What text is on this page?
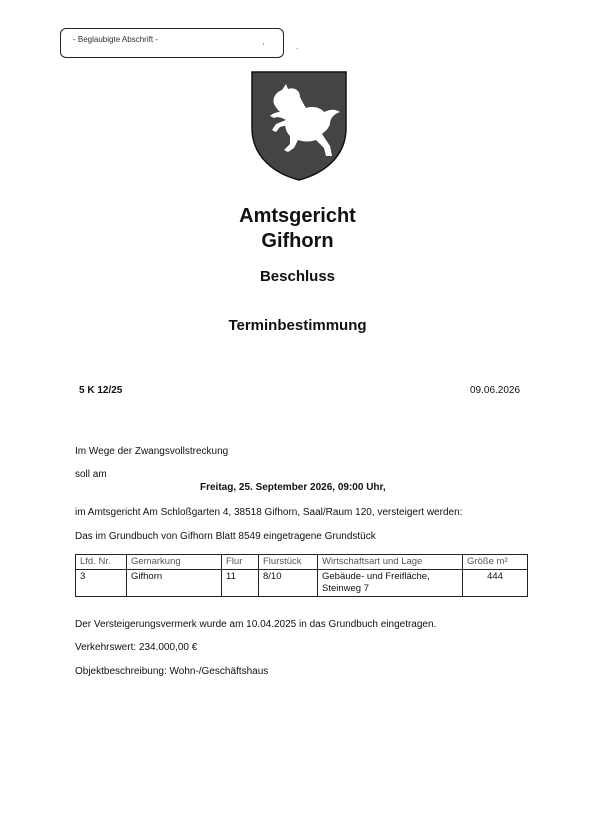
- Beglaubigte Abschrift -
'	.
Amtsgericht
Gifhorn
Beschluss
Terminbestimmung
5 K 12/25	09.06.2026
Im Wege der Zwangsvollstreckung
soll am
Freitag, 25. September 2026, 09:00 Uhr,
im Amtsgericht Am Schloßgarten 4, 38518 Gifhorn, Saal/Raum 120, versteigert werden:
Das im Grundbuch von Gifhorn Blatt 8549 eingetragene Grundstück
Lfd. Nr.	Gemarkung	Flur	Flurstück	Wirtschaftsart und Lage	Größe m²
3	Gifhorn	11	8/10	Gebäude- und Freifläche,
Steinweg 7	444
Der Versteigerungsvermerk wurde am 10.04.2025 in das Grundbuch eingetragen.
Verkehrswert: 234.000,00 €
Objektbeschreibung: Wohn-/Geschäftshaus
